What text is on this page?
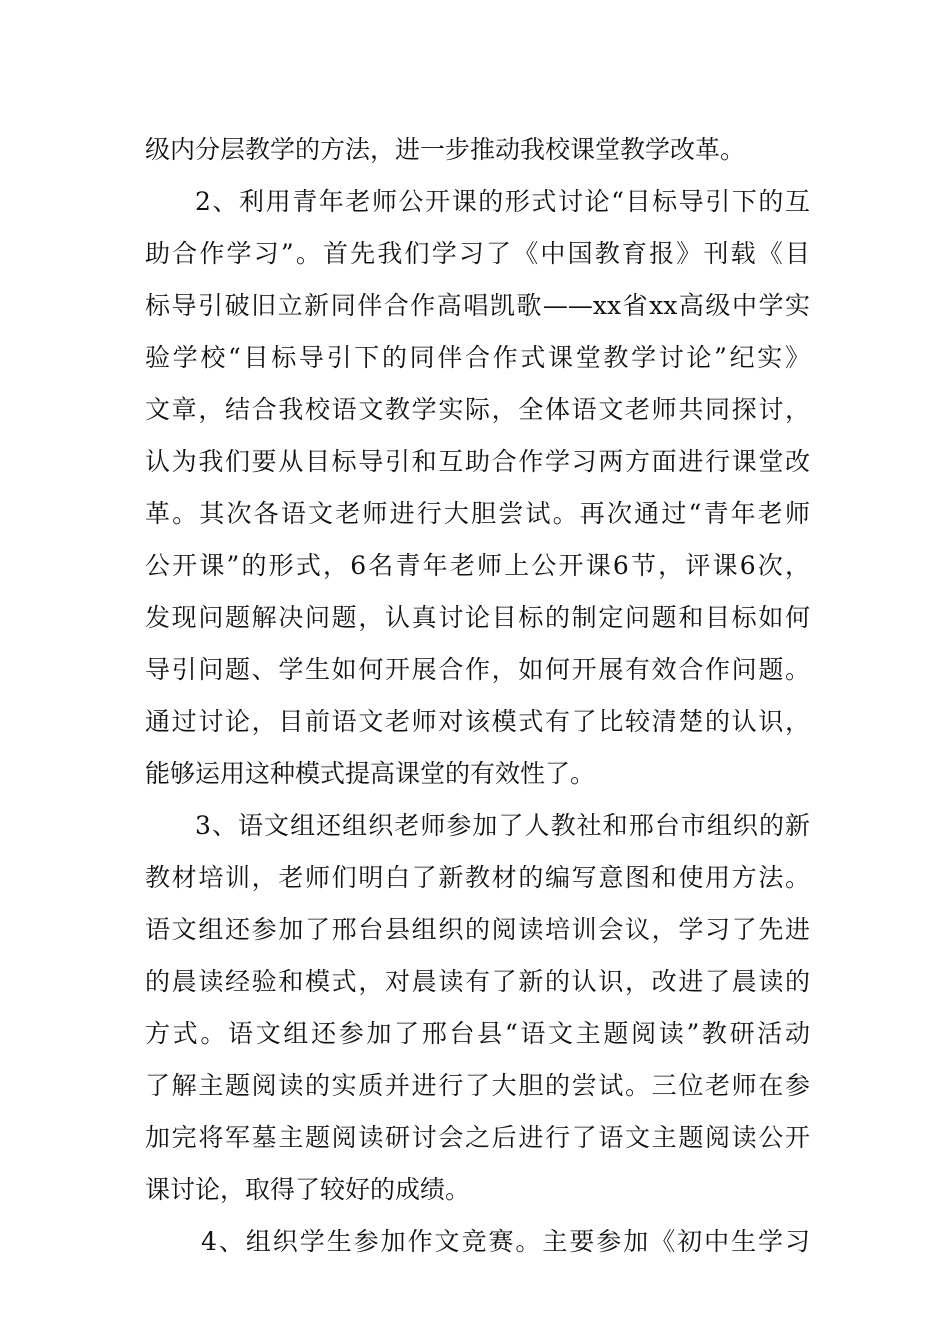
级内分层教学的方法，进一步推动我校课堂教学改革。
2、利用青年老师公开课的形式讨论“目标导引下的互
助合作学习”。首先我们学习了《中国教育报》刊载《目
标导引破旧立新同伴合作高唱凯歌——xx省xx高级中学实
验学校“目标导引下的同伴合作式课堂教学讨论”纪实》
文章，结合我校语文教学实际，全体语文老师共同探讨，
认为我们要从目标导引和互助合作学习两方面进行课堂改
革。其次各语文老师进行大胆尝试。再次通过“青年老师
公开课”的形式，6名青年老师上公开课6节，评课6次，
发现问题解决问题，认真讨论目标的制定问题和目标如何
导引问题、学生如何开展合作，如何开展有效合作问题。
通过讨论，目前语文老师对该模式有了比较清楚的认识，
能够运用这种模式提高课堂的有效性了。
3、语文组还组织老师参加了人教社和邢台市组织的新
教材培训，老师们明白了新教材的编写意图和使用方法。
语文组还参加了邢台县组织的阅读培训会议，学习了先进
的晨读经验和模式，对晨读有了新的认识，改进了晨读的
方式。语文组还参加了邢台县“语文主题阅读”教研活动
了解主题阅读的实质并进行了大胆的尝试。三位老师在参
加完将军墓主题阅读研讨会之后进行了语文主题阅读公开
课讨论，取得了较好的成绩。
4、组织学生参加作文竞赛。主要参加《初中生学习
